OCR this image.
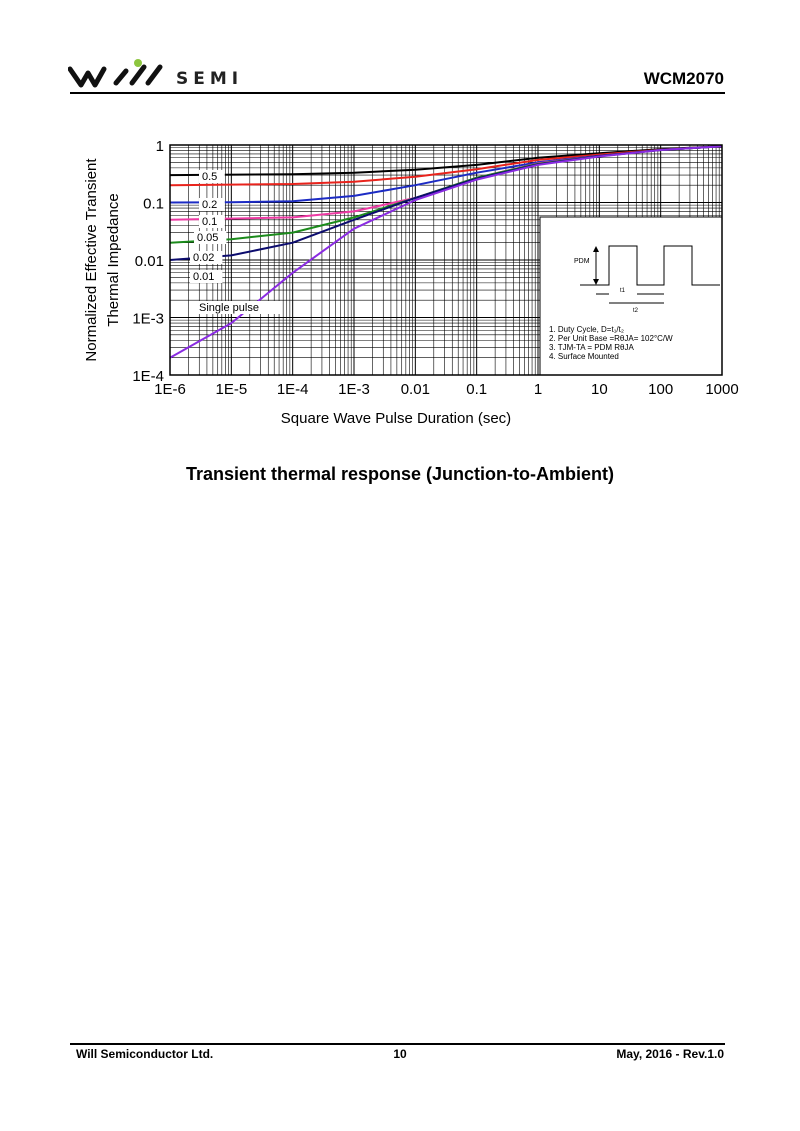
SEMI	WCM2070
PDM
t1
t2
1. Duty Cycle, D=t₁/t₂
2. Per Unit Base =RθJA= 102°C/W
3. TJM-TA = PDM RθJA
4. Surface Mounted
0.5
0.2
0.1
0.05
0.02
0.01
Single pulse
1E-6 1E-5 1E-4 1E-3 0.01 0.1	1	10	100 1000
1
0.1
0.01
1E-3
1E-4
Square Wave Pulse Duration (sec)
Normalized Effective Transient Thermal Impedance
Transient thermal response (Junction-to-Ambient)
Will Semiconductor Ltd.	10	May, 2016 - Rev.1.0
